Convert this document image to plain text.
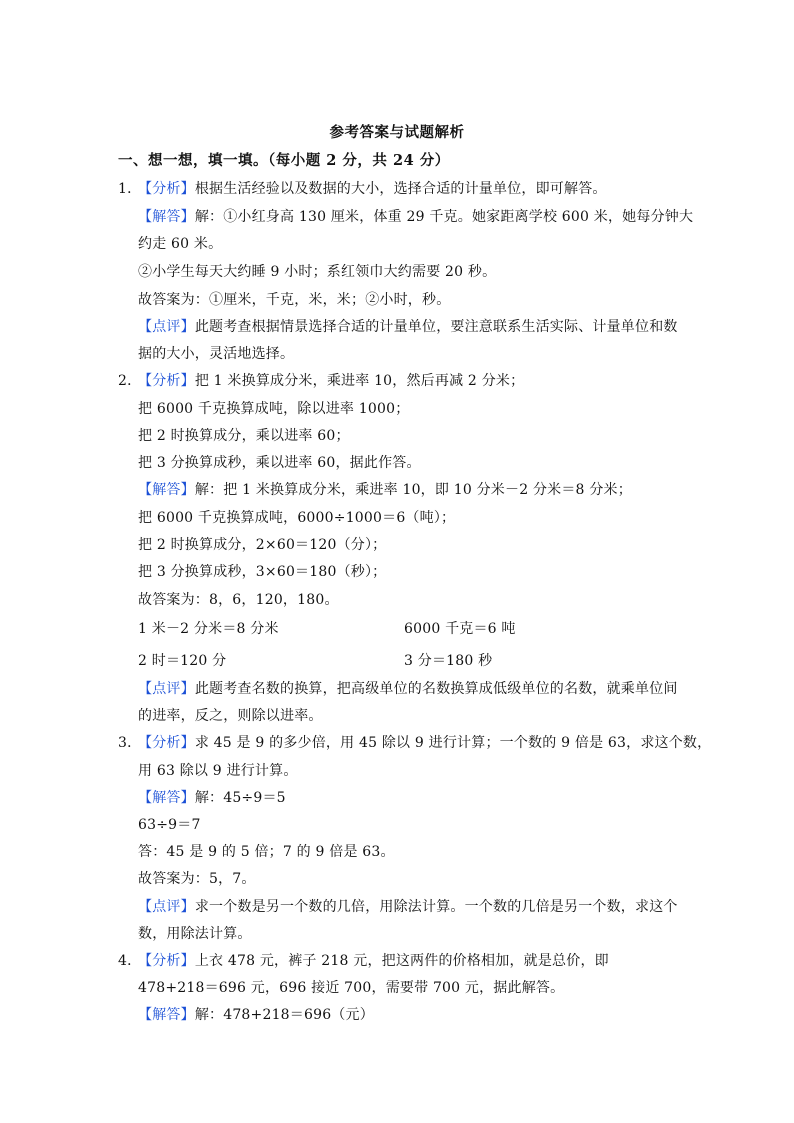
参考答案与试题解析
一、想一想，填一填。（每小题 2 分，共 24 分）
1．【分析】根据生活经验以及数据的大小，选择合适的计量单位，即可解答。
【解答】解：①小红身高 130 厘米，体重 29 千克。她家距离学校 600 米，她每分钟大
约走 60 米。
②小学生每天大约睡 9 小时；系红领巾大约需要 20 秒。
故答案为：①厘米，千克，米，米；②小时，秒。
【点评】此题考查根据情景选择合适的计量单位，要注意联系生活实际、计量单位和数
据的大小，灵活地选择。
2．【分析】把 1 米换算成分米，乘进率 10，然后再减 2 分米；
把 6000 千克换算成吨，除以进率 1000；
把 2 时换算成分，乘以进率 60；
把 3 分换算成秒，乘以进率 60，据此作答。
【解答】解：把 1 米换算成分米，乘进率 10，即 10 分米－2 分米＝8 分米；
把 6000 千克换算成吨，6000÷1000＝6（吨）；
把 2 时换算成分，2×60＝120（分）；
把 3 分换算成秒，3×60＝180（秒）；
故答案为：8，6，120，180。
1 米－2 分米＝8 分米	6000 千克＝6 吨
2 时＝120 分	3 分＝180 秒
【点评】此题考查名数的换算，把高级单位的名数换算成低级单位的名数，就乘单位间
的进率，反之，则除以进率。
3．【分析】求 45 是 9 的多少倍，用 45 除以 9 进行计算；一个数的 9 倍是 63，求这个数，
用 63 除以 9 进行计算。
【解答】解：45÷9＝5
63÷9＝7
答：45 是 9 的 5 倍；7 的 9 倍是 63。
故答案为：5，7。
【点评】求一个数是另一个数的几倍，用除法计算。一个数的几倍是另一个数，求这个
数，用除法计算。
4．【分析】上衣 478 元，裤子 218 元，把这两件的价格相加，就是总价，即
478+218＝696 元，696 接近 700，需要带 700 元，据此解答。
【解答】解：478+218＝696（元）
